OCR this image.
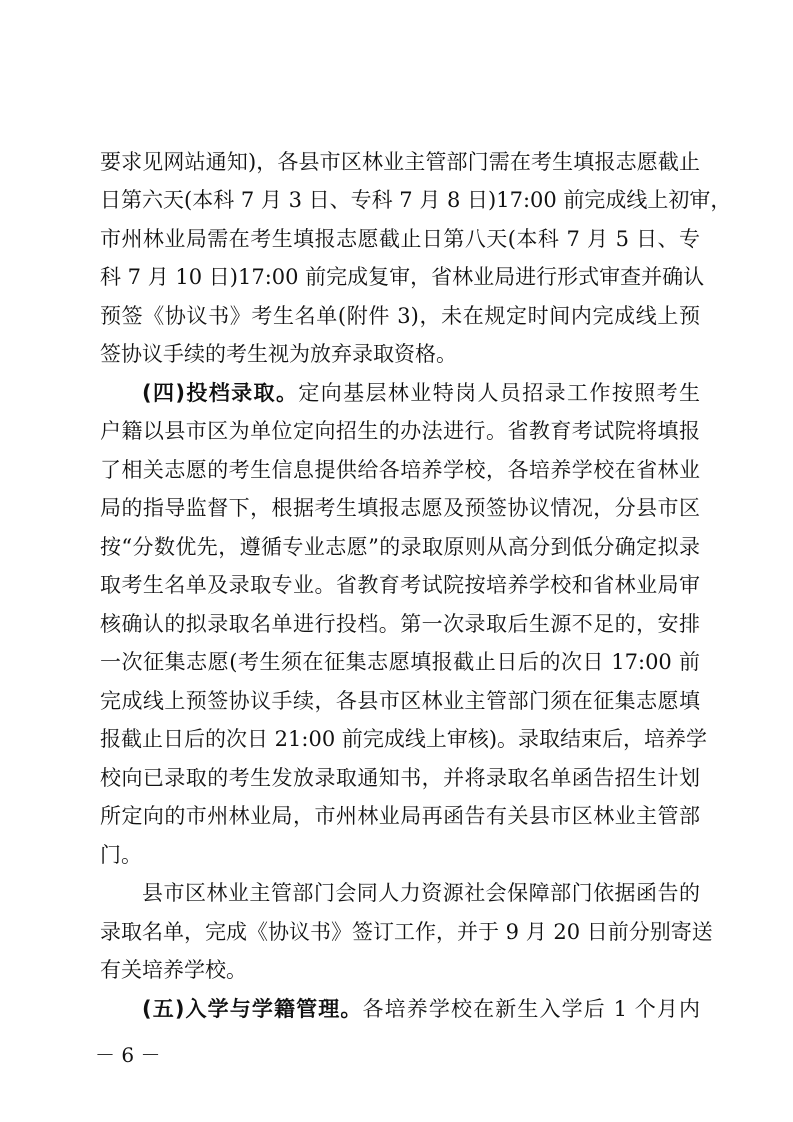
要求见网站通知)，各县市区林业主管部门需在考生填报志愿截止
日第六天(本科 7 月 3 日、专科 7 月 8 日)17:00 前完成线上初审，
市州林业局需在考生填报志愿截止日第八天(本科 7 月 5 日、专
科 7 月 10 日)17:00 前完成复审，省林业局进行形式审查并确认
预签《协议书》考生名单(附件 3)，未在规定时间内完成线上预
签协议手续的考生视为放弃录取资格。
(四)投档录取。定向基层林业特岗人员招录工作按照考生
户籍以县市区为单位定向招生的办法进行。省教育考试院将填报
了相关志愿的考生信息提供给各培养学校，各培养学校在省林业
局的指导监督下，根据考生填报志愿及预签协议情况，分县市区
按“分数优先，遵循专业志愿”的录取原则从高分到低分确定拟录
取考生名单及录取专业。省教育考试院按培养学校和省林业局审
核确认的拟录取名单进行投档。第一次录取后生源不足的，安排
一次征集志愿(考生须在征集志愿填报截止日后的次日 17:00 前
完成线上预签协议手续，各县市区林业主管部门须在征集志愿填
报截止日后的次日 21:00 前完成线上审核)。录取结束后，培养学
校向已录取的考生发放录取通知书，并将录取名单函告招生计划
所定向的市州林业局，市州林业局再函告有关县市区林业主管部
门。
县市区林业主管部门会同人力资源社会保障部门依据函告的
录取名单，完成《协议书》签订工作，并于 9 月 20 日前分别寄送
有关培养学校。
(五)入学与学籍管理。各培养学校在新生入学后 1 个月内
－ 6 －
